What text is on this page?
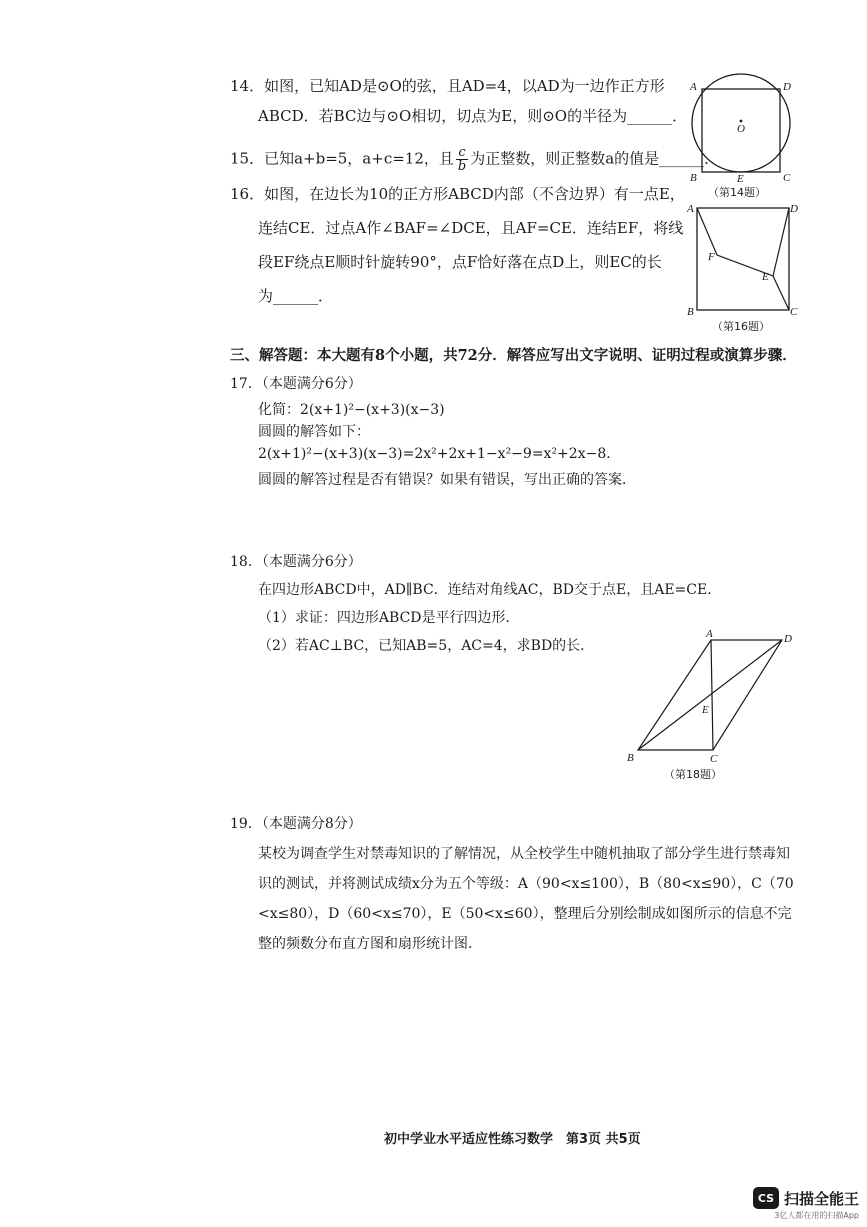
14．如图，已知AD是⊙O的弦，且AD=4，以AD为一边作正方形
ABCD．若BC边与⊙O相切，切点为E，则⊙O的半径为______．
A	D
O
B	E	C
（第14题）
15．已知a+b=5，a+c=12，且 $\frac{c}{b}$ 为正整数，则正整数a的值是______．
16．如图，在边长为10的正方形ABCD内部（不含边界）有一点E，
连结CE．过点A作∠BAF=∠DCE，且AF=CE．连结EF，将线
段EF绕点E顺时针旋转90°，点F恰好落在点D上，则EC的长
为______．
A	D
F
E
B	C
（第16题）
三、解答题：本大题有8个小题，共72分．解答应写出文字说明、证明过程或演算步骤．
17．（本题满分6分）
化简：2(x+1)²−(x+3)(x−3)
圆圆的解答如下：
2(x+1)²−(x+3)(x−3)=2x²+2x+1−x²−9=x²+2x−8．
圆圆的解答过程是否有错误？如果有错误，写出正确的答案．
18．（本题满分6分）
在四边形ABCD中，AD∥BC．连结对角线AC，BD交于点E，且AE=CE．
（1）求证：四边形ABCD是平行四边形．
（2）若AC⊥BC，已知AB=5，AC=4，求BD的长．
A	D
E
B	C
（第18题）
19．（本题满分8分）
某校为调查学生对禁毒知识的了解情况，从全校学生中随机抽取了部分学生进行禁毒知
识的测试，并将测试成绩x分为五个等级：A（90<x≤100），B（80<x≤90），C（70
<x≤80），D（60<x≤70），E（50<x≤60），整理后分别绘制成如图所示的信息不完
整的频数分布直方图和扇形统计图．
初中学业水平适应性练习数学　第3页 共5页
CS 扫描全能王
3亿人都在用的扫描App
